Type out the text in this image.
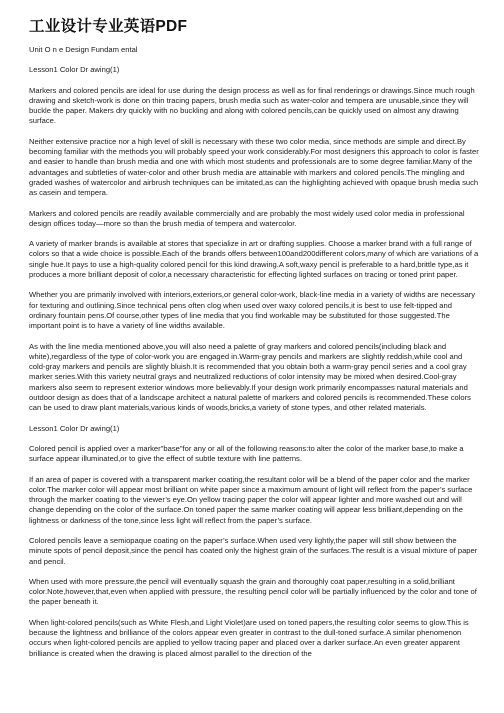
工业设计专业英语PDF
Unit O n e Design Fundam ental
Lesson1 Color Dr awing(1)

Markers and colored pencils are ideal for use during the design process as well as for final renderings or drawings.Since much rough drawing and sketch-work is done on thin tracing papers, brush media such as water-color and tempera are unusable,since they will buckle the paper. Makers dry quickly with no buckling and along with colored pencils,can be quickly used on almost any drawing surface.

Neither extensive practice nor a high level of skill is necessary with these two color media, since methods are simple and direct.By becoming familiar with the methods you will probably speed your work considerably.For most designers this approach to color is faster and easier to handle than brush media and one with which most students and professionals are to some degree familiar.Many of the advantages and subtleties of water-color and other brush media are attainable with markers and colored pencils.The mingling and graded washes of watercolor and airbrush techniques can be imitated,as can the highlighting achieved with opaque brush media such as casein and tempera.

Markers and colored pencils are readily available commercially and are probably the most widely used color media in professional design offices today—more so than the brush media of tempera and watercolor.

A variety of marker brands is available at stores that specialize in art or drafting supplies. Choose a marker brand with a full range of colors so that a wide choice is possible.Each of the brands offers between100and200different colors,many of which are variations of a single hue.It pays to use a high-quality colored pencil for this kind drawing.A soft,waxy pencil is preferable to a hard,brittle type,as it produces a more brilliant deposit of color,a necessary characteristic for effecting lighted surfaces on tracing or toned print paper.

Whether you are primarily involved with interiors,exteriors,or general color-work, black-line media in a variety of widths are necessary for texturing and outlining.Since technical pens often clog when used over waxy colored pencils,it is best to use felt-tipped and ordinary fountain pens.Of course,other types of line media that you find workable may be substituted for those suggested.The important point is to have a variety of line widths available.

As with the line media mentioned above,you will also need a palette of gray markers and colored pencils(including black and white),regardless of the type of color-work you are engaged in.Warm-gray pencils and markers are slightly reddish,while cool and cold-gray markers and pencils are slightly bluish.It is recommended that you obtain both a warm-gray pencil series and a cool gray marker series.With this variety neutral grays and neutralized reductions of color intensity may be mixed when desired.Cool-gray markers also seem to represent exterior windows more believably.If your design work primarily encompasses natural materials and outdoor design as does that of a landscape architect a natural palette of markers and colored pencils is recommended.These colors can be used to draw plant materials,various kinds of woods,bricks,a variety of stone types, and other related materials.

Lesson1 Color Dr awing(1)

Colored pencil is applied over a marker"base"for any or all of the following reasons:to alter the color of the marker base,to make a surface appear illuminated,or to give the effect of subtle texture with line patterns.

If an area of paper is covered with a transparent marker coating,the resultant color will be a blend of the paper color and the marker color.The marker color will appear most brilliant on white paper since a maximum amount of light will reflect from the paper’s surface through the marker coating to the viewer’s eye.On yellow tracing paper the color will appear lighter and more washed out and will change depending on the color of the surface.On toned paper the same marker coating will appear less brilliant,depending on the lightness or darkness of the tone,since less light will reflect from the paper’s surface.

Colored pencils leave a semiopaque coating on the paper’s surface.When used very lightly,the paper will still show between the minute spots of pencil deposit,since the pencil has coated only the highest grain of the surfaces.The result is a visual mixture of paper and pencil.

When used with more pressure,the pencil will eventually squash the grain and thoroughly coat paper,resulting in a solid,brilliant color.Note,however,that,even when applied with pressure, the resulting pencil color will be partially influenced by the color and tone of the paper beneath it.

When light-colored pencils(such as White Flesh,and Light Violet)are used on toned papers,the resulting color seems to glow.This is because the lightness and brilliance of the colors appear even greater in contrast to the dull-toned surface.A similar phenomenon occurs when light-colored pencils are applied to yellow tracing paper and placed over a darker surface.An even greater apparent brilliance is created when the drawing is placed almost parallel to the direction of the
